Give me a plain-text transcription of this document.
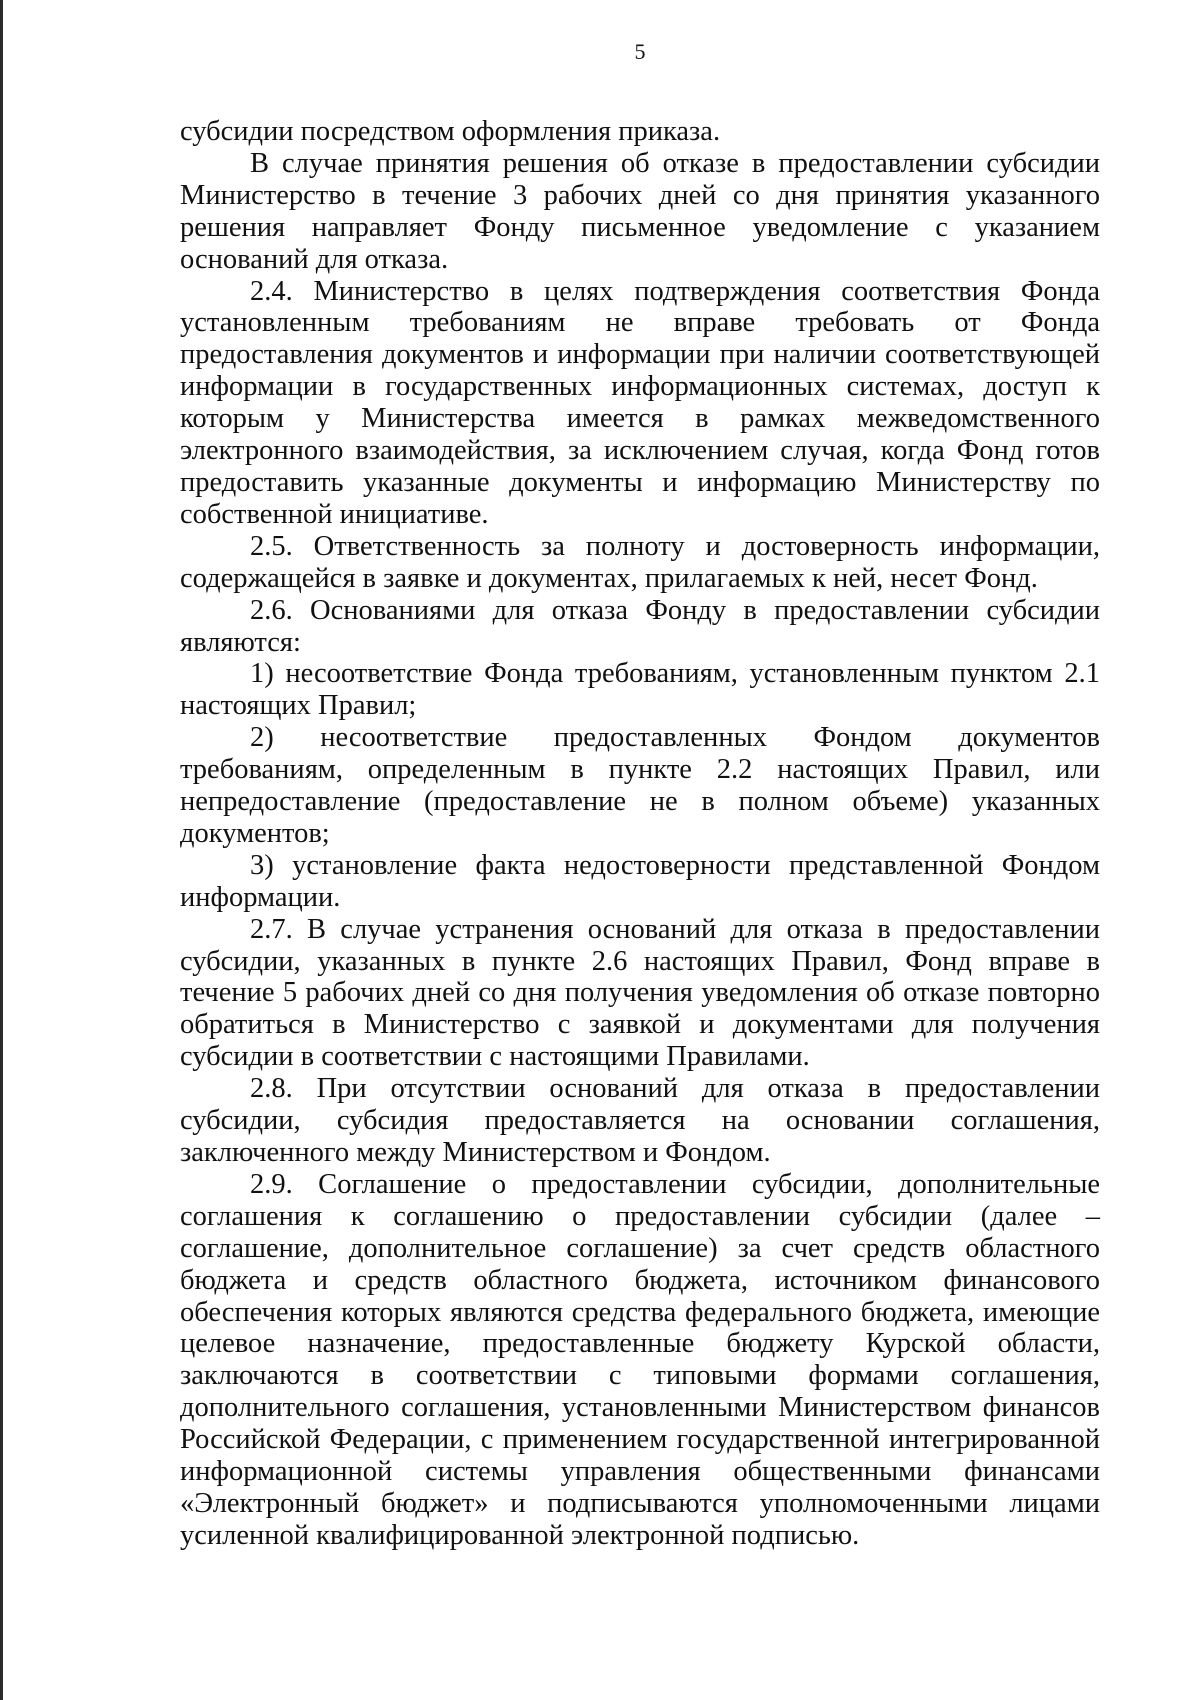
5

субсидии посредством оформления приказа.

В случае принятия решения об отказе в предоставлении субсидии Министерство в течение 3 рабочих дней со дня принятия указанного решения направляет Фонду письменное уведомление с указанием оснований для отказа.

2.4. Министерство в целях подтверждения соответствия Фонда установленным требованиям не вправе требовать от Фонда предоставления документов и информации при наличии соответствующей информации в государственных информационных системах, доступ к которым у Министерства имеется в рамках межведомственного электронного взаимодействия, за исключением случая, когда Фонд готов предоставить указанные документы и информацию Министерству по собственной инициативе.

2.5. Ответственность за полноту и достоверность информации, содержащейся в заявке и документах, прилагаемых к ней, несет Фонд.

2.6. Основаниями для отказа Фонду в предоставлении субсидии являются:

1) несоответствие Фонда требованиям, установленным пунктом 2.1 настоящих Правил;

2) несоответствие предоставленных Фондом документов требованиям, определенным в пункте 2.2 настоящих Правил, или непредоставление (предоставление не в полном объеме) указанных документов;

3) установление факта недостоверности представленной Фондом информации.

2.7. В случае устранения оснований для отказа в предоставлении субсидии, указанных в пункте 2.6 настоящих Правил, Фонд вправе в течение 5 рабочих дней со дня получения уведомления об отказе повторно обратиться в Министерство с заявкой и документами для получения субсидии в соответствии с настоящими Правилами.

2.8. При отсутствии оснований для отказа в предоставлении субсидии, субсидия предоставляется на основании соглашения, заключенного между Министерством и Фондом.

2.9. Соглашение о предоставлении субсидии, дополнительные соглашения к соглашению о предоставлении субсидии (далее – соглашение, дополнительное соглашение) за счет средств областного бюджета и средств областного бюджета, источником финансового обеспечения которых являются средства федерального бюджета, имеющие целевое назначение, предоставленные бюджету Курской области, заключаются в соответствии с типовыми формами соглашения, дополнительного соглашения, установленными Министерством финансов Российской Федерации, с применением государственной интегрированной информационной системы управления общественными финансами «Электронный бюджет» и подписываются уполномоченными лицами усиленной квалифицированной электронной подписью.
